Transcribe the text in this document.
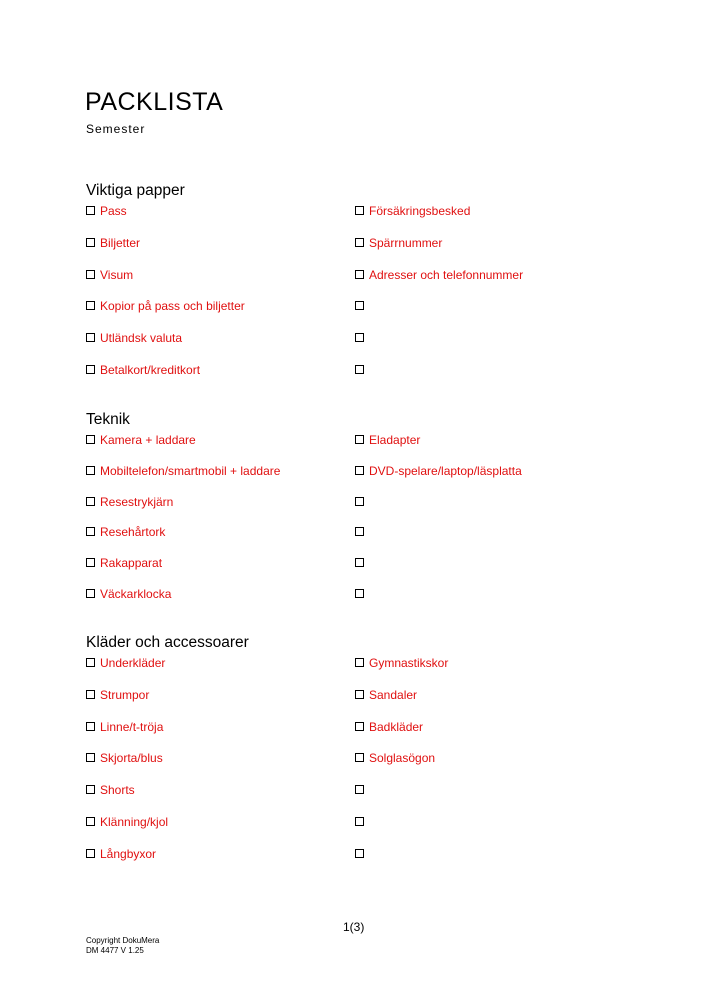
PACKLISTA
Semester
Viktiga papper
Pass	Försäkringsbesked
Biljetter	Spärrnummer
Visum	Adresser och telefonnummer
Kopior på pass och biljetter
Utländsk valuta
Betalkort/kreditkort
Teknik
Kamera + laddare	Eladapter
Mobiltelefon/smartmobil + laddare	DVD-spelare/laptop/läsplatta
Resestrykjärn
Resehårtork
Rakapparat
Väckarklocka
Kläder och accessoarer
Underkläder	Gymnastikskor
Strumpor	Sandaler
Linne/t-tröja	Badkläder
Skjorta/blus	Solglasögon
Shorts
Klänning/kjol
Långbyxor
1(3)
Copyright DokuMera
DM 4477 V 1.25
